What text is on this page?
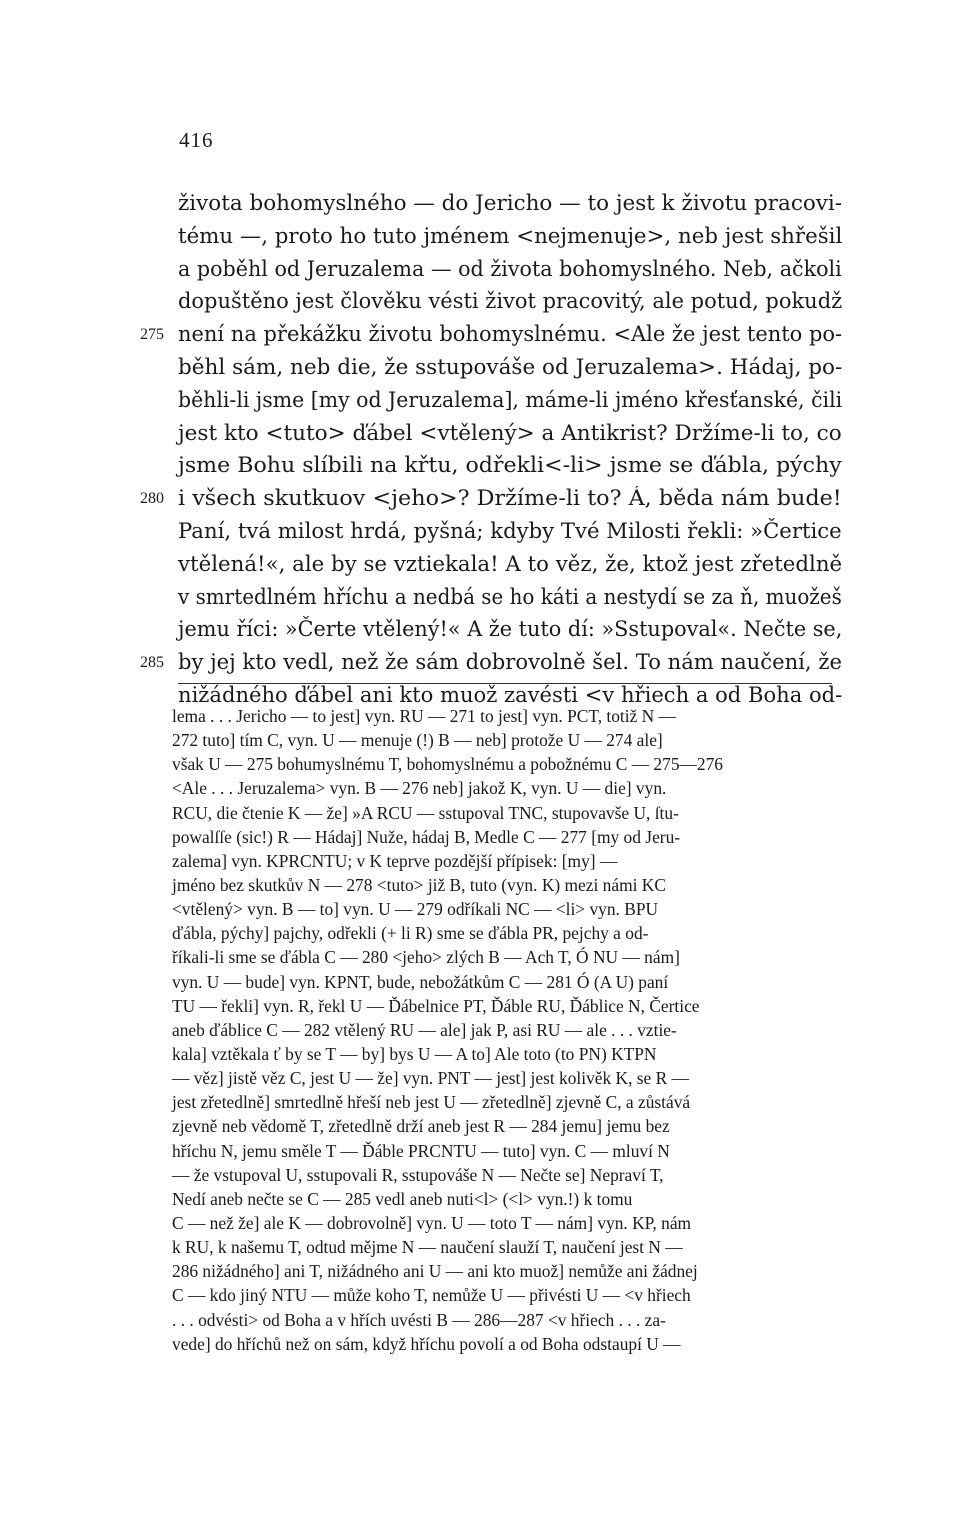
416
života bohomyslného — do Jericho — to jest k životu pracovi-
tému —, proto ho tuto jménem <nejmenuje>, neb jest shřešil
a poběhl od Jeruzalema — od života bohomyslného. Neb, ačkoli
dopuštěno jest člověku vésti život pracovitý, ale potud, pokudž
275 není na překážku životu bohomyslnému. <Ale že jest tento po-
běhl sám, neb die, že sstupováše od Jeruzalema>. Hádaj, po-
běhli-li jsme [my od Jeruzalema], máme-li jméno křesťanské, čili
jest kto <tuto> ďábel <vtělený> a Antikrist? Držíme-li to, co
jsme Bohu slíbili na křtu, odřekli<-li> jsme se ďábla, pýchy
280 i všech skutkuov <jeho>? Držíme-li to? Á, běda nám bude!
Paní, tvá milost hrdá, pyšná; kdyby Tvé Milosti řekli: »Čertice
vtělená!«, ale by se vztiekala! A to věz, že, ktož jest zřetedlně
v smrtedlném hříchu a nedbá se ho káti a nestydí se za ň, muožeš
jemu říci: »Čerte vtělený!« A že tuto dí: »Sstupoval«. Nečte se,
285 by jej kto vedl, než že sám dobrovolně šel. To nám naučení, že
nižádného ďábel ani kto muož zavésti <v hřiech a od Boha od-
lema . . . Jericho — to jest] vyn. RU — 271 to jest] vyn. PCT, totiž N —272 tuto] tím C, vyn. U — menuje (!) B — neb] protože U — 274 ale]však U — 275 bohumyslnému T, bohomyslnému a pobožnému C — 275—276<Ale . . . Jeruzalema> vyn. B — 276 neb] jakož K, vyn. U — die] vyn.RCU, die čtenie K — že] »A RCU — sstupoval TNC, stupovavše U, ſtu-powalſſe (sic!) R — Hádaj] Nuže, hádaj B, Medle C — 277 [my od Jeru-zalema] vyn. KPRCNTU; v K teprve pozdější přípisek: [my] —jméno bez skutkův N — 278 <tuto> již B, tuto (vyn. K) mezi námi KC<vtělený> vyn. B — to] vyn. U — 279 odříkali NC — <li> vyn. BPUďábla, pýchy] pajchy, odřekli (+ li R) sme se ďábla PR, pejchy a od-říkali-li sme se ďábla C — 280 <jeho> zlých B — Ach T, Ó NU — nám]vyn. U — bude] vyn. KPNT, bude, nebožátkům C — 281 Ó (A U) paníTU — řekli] vyn. R, řekl U — Ďábelnice PT, Ďáble RU, Ďáblice N, Čerticeaneb ďáblice C — 282 vtělený RU — ale] jak P, asi RU — ale . . . vztie-kala] vztěkala ť by se T — by] bys U — A to] Ale toto (to PN) KTPN— věz] jistě věz C, jest U — že] vyn. PNT — jest] jest kolivěk K, se R —jest zřetedlně] smrtedlně hřeší neb jest U — zřetedlně] zjevně C, a zůstávázjevně neb vědomě T, zřetedlně drží aneb jest R — 284 jemu] jemu bezhříchu N, jemu směle T — Ďáble PRCNTU — tuto] vyn. C — mluví N— že vstupoval U, sstupovali R, sstupováše N — Nečte se] Nepraví T,Nedí aneb nečte se C — 285 vedl aneb nuti<l> (<l> vyn.!) k tomuC — než že] ale K — dobrovolně] vyn. U — toto T — nám] vyn. KP, námk RU, k našemu T, odtud mějme N — naučení slauží T, naučení jest N —286 nižádného] ani T, nižádného ani U — ani kto muož] nemůže ani žádnejC — kdo jiný NTU — může koho T, nemůže U — přivésti U — <v hřiech. . . odvésti> od Boha a v hřích uvésti B — 286—287 <v hřiech . . . za-vede] do hříchů než on sám, když hříchu povolí a od Boha odstaupí U —
